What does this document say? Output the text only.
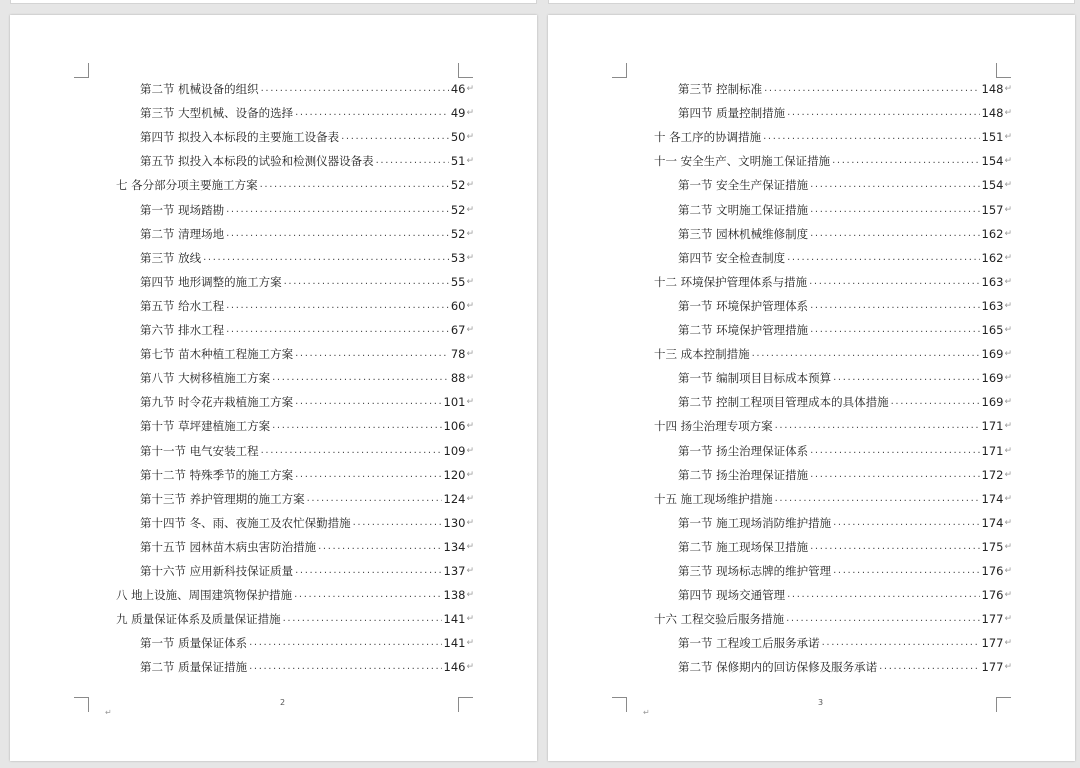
第二节 机械设备的组织 .....	46 ↵
第三节 大型机械、设备的选择 .....	49 ↵
第四节 拟投入本标段的主要施工设备表 .....	50 ↵
第五节 拟投入本标段的试验和检测仪器设备表 .....	51 ↵
七 各分部分项主要施工方案 .....	52 ↵
第一节 现场踏勘 .....	52 ↵
第二节 清理场地 .....	52 ↵
第三节 放线 .....	53 ↵
第四节 地形调整的施工方案 .....	55 ↵
第五节 给水工程 .....	60 ↵
第六节 排水工程 .....	67 ↵
第七节 苗木种植工程施工方案 .....	78 ↵
第八节 大树移植施工方案 .....	88 ↵
第九节 时令花卉栽植施工方案 .....	101 ↵
第十节 草坪建植施工方案 .....	106 ↵
第十一节 电气安装工程 .....	109 ↵
第十二节 特殊季节的施工方案 .....	120 ↵
第十三节 养护管理期的施工方案 .....	124 ↵
第十四节 冬、雨、夜施工及农忙保勤措施 .....	130 ↵
第十五节 园林苗木病虫害防治措施 .....	134 ↵
第十六节 应用新科技保证质量 .....	137 ↵
八 地上设施、周围建筑物保护措施 .....	138 ↵
九 质量保证体系及质量保证措施 .....	141 ↵
第一节 质量保证体系 .....	141 ↵
第二节 质量保证措施 .....	146 ↵
2
↵
第三节 控制标准 .....	148 ↵
第四节 质量控制措施 .....	148 ↵
十 各工序的协调措施 .....	151 ↵
十一 安全生产、文明施工保证措施 .....	154 ↵
第一节 安全生产保证措施 .....	154 ↵
第二节 文明施工保证措施 .....	157 ↵
第三节 园林机械维修制度 .....	162 ↵
第四节 安全检查制度 .....	162 ↵
十二 环境保护管理体系与措施 .....	163 ↵
第一节 环境保护管理体系 .....	163 ↵
第二节 环境保护管理措施 .....	165 ↵
十三 成本控制措施 .....	169 ↵
第一节 编制项目目标成本预算 .....	169 ↵
第二节 控制工程项目管理成本的具体措施 .....	169 ↵
十四 扬尘治理专项方案 .....	171 ↵
第一节 扬尘治理保证体系 .....	171 ↵
第二节 扬尘治理保证措施 .....	172 ↵
十五 施工现场维护措施 .....	174 ↵
第一节 施工现场消防维护措施 .....	174 ↵
第二节 施工现场保卫措施 .....	175 ↵
第三节 现场标志牌的维护管理 .....	176 ↵
第四节 现场交通管理 .....	176 ↵
十六 工程交验后服务措施 .....	177 ↵
第一节 工程竣工后服务承诺 .....	177 ↵
第二节 保修期内的回访保修及服务承诺 .....	177 ↵
3
↵
